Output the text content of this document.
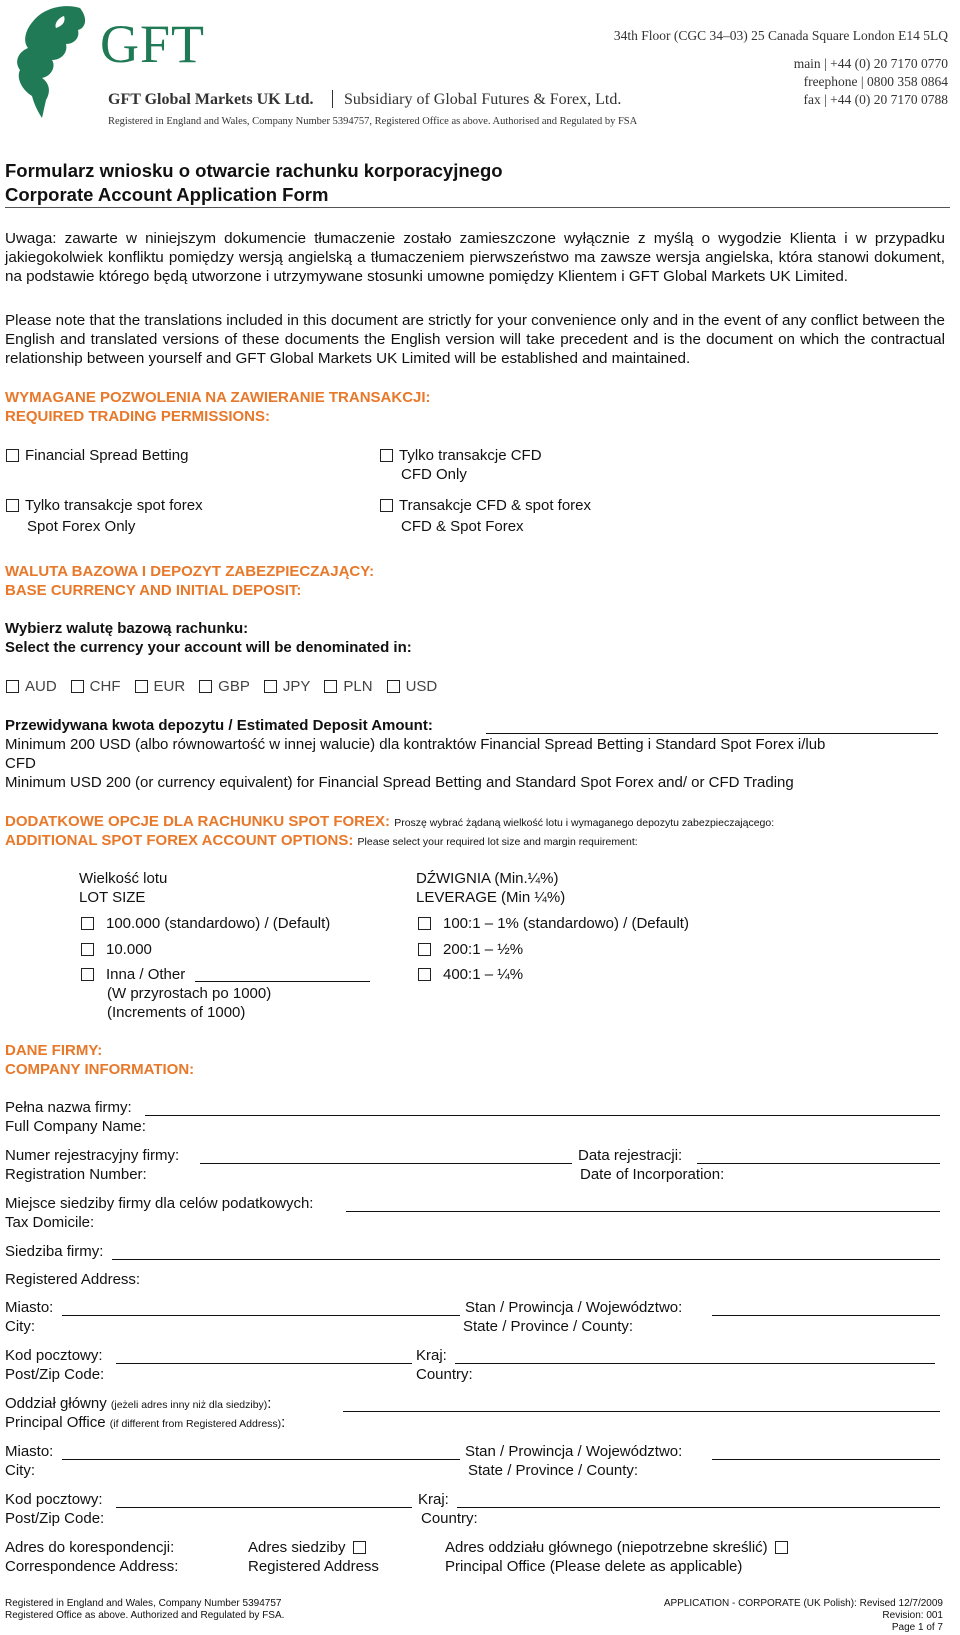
GFT
GFT Global Markets UK Ltd. Subsidiary of Global Futures & Forex, Ltd.
Registered in England and Wales, Company Number 5394757, Registered Office as above. Authorised and Regulated by FSA
34th Floor (CGC 34–03) 25 Canada Square London E14 5LQ
main | +44 (0) 20 7170 0770
freephone | 0800 358 0864
fax | +44 (0) 20 7170 0788
Formularz wniosku o otwarcie rachunku korporacyjnego
Corporate Account Application Form
Uwaga: zawarte w niniejszym dokumencie tłumaczenie zostało zamieszczone wyłącznie z myślą o wygodzie Klienta i w przypadku jakiegokolwiek konfliktu pomiędzy wersją angielską a tłumaczeniem pierwszeństwo ma zawsze wersja angielska, która stanowi dokument, na podstawie którego będą utworzone i utrzymywane stosunki umowne pomiędzy Klientem i GFT Global Markets UK Limited.
Please note that the translations included in this document are strictly for your convenience only and in the event of any conflict between the English and translated versions of these documents the English version will take precedent and is the document on which the contractual relationship between yourself and GFT Global Markets UK Limited will be established and maintained.
WYMAGANE POZWOLENIA NA ZAWIERANIE TRANSAKCJI:
REQUIRED TRADING PERMISSIONS:
Financial Spread Betting	Tylko transakcje CFD
CFD Only
Tylko transakcje spot forex
Spot Forex Only
Transakcje CFD & spot forex
CFD & Spot Forex
WALUTA BAZOWA I DEPOZYT ZABEZPIECZAJĄCY:
BASE CURRENCY AND INITIAL DEPOSIT:
Wybierz walutę bazową rachunku:
Select the currency your account will be denominated in:
AUD CHF EUR GBP JPY PLN USD
Przewidywana kwota depozytu / Estimated Deposit Amount:
Minimum 200 USD (albo równowartość w innej walucie) dla kontraktów Financial Spread Betting i Standard Spot Forex i/lub
CFD
Minimum USD 200 (or currency equivalent) for Financial Spread Betting and Standard Spot Forex and/ or CFD Trading
DODATKOWE OPCJE DLA RACHUNKU SPOT FOREX: Proszę wybrać żądaną wielkość lotu i wymaganego depozytu zabezpieczającego:
ADDITIONAL SPOT FOREX ACCOUNT OPTIONS: Please select your required lot size and margin requirement:
Wielkość lotu
LOT SIZE
DŹWIGNIA (Min.¼%)
LEVERAGE (Min ¼%)
100.000 (standardowo) / (Default)
10.000
Inna / Other
(W przyrostach po 1000)
(Increments of 1000)
100:1 – 1% (standardowo) / (Default)
200:1 – ½%
400:1 – ¼%
DANE FIRMY:
COMPANY INFORMATION:
Pełna nazwa firmy:
Full Company Name:
Numer rejestracyjny firmy:
Registration Number:
Data rejestracji:
Date of Incorporation:
Miejsce siedziby firmy dla celów podatkowych:
Tax Domicile:
Siedziba firmy:
Registered Address:
Miasto:
City:
Stan / Prowincja / Województwo:
State / Province / County:
Kod pocztowy:
Post/Zip Code:
Kraj:
Country:
Oddział główny (jeżeli adres inny niż dla siedziby):
Principal Office (if different from Registered Address):
Miasto:
City:
Stan / Prowincja / Województwo:
State / Province / County:
Kod pocztowy:
Post/Zip Code:
Kraj:
Country:
Adres do korespondencji:
Correspondence Address:
Adres siedziby
Registered Address
Adres oddziału głównego (niepotrzebne skreślić)
Principal Office (Please delete as applicable)
Registered in England and Wales, Company Number 5394757
Registered Office as above. Authorized and Regulated by FSA.
APPLICATION - CORPORATE (UK Polish): Revised 12/7/2009
Revision: 001
Page 1 of 7
